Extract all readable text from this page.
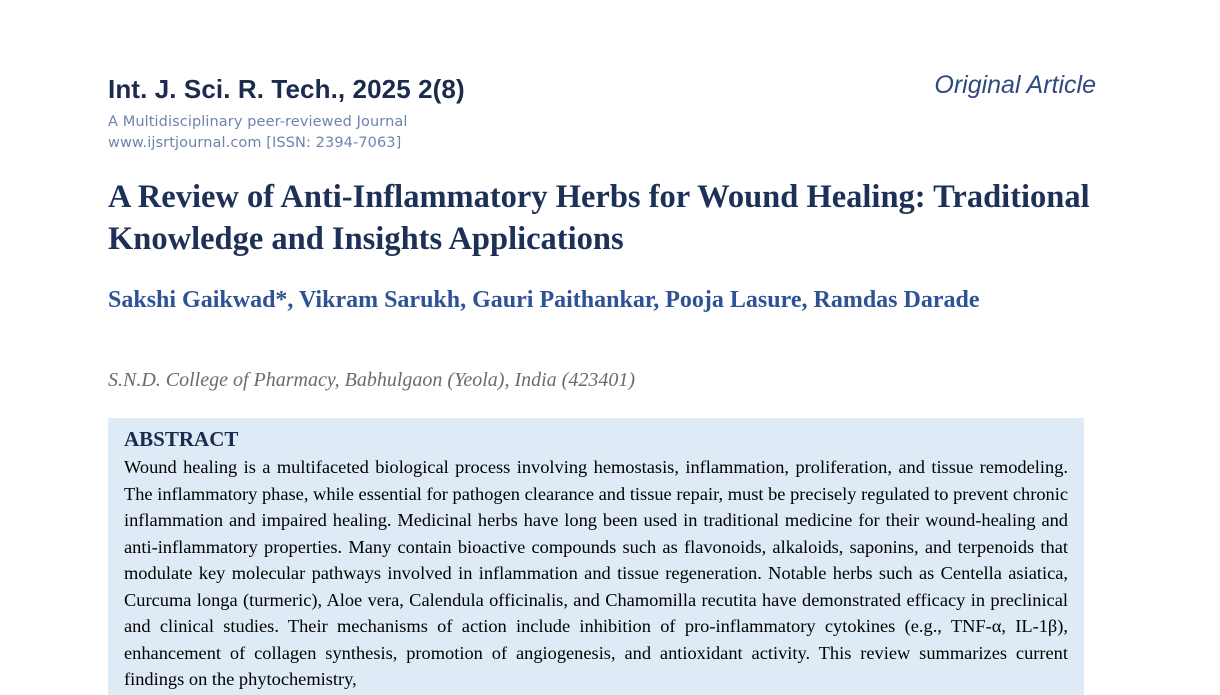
Int. J. Sci. R. Tech., 2025 2(8)

A Multidisciplinary peer-reviewed Journal

www.ijsrtjournal.com [ISSN: 2394-7063]

Original Article

A Review of Anti-Inflammatory Herbs for Wound Healing: Traditional Knowledge and Insights Applications

Sakshi Gaikwad*, Vikram Sarukh, Gauri Paithankar, Pooja Lasure, Ramdas Darade

S.N.D. College of Pharmacy, Babhulgaon (Yeola), India (423401)

ABSTRACT

Wound healing is a multifaceted biological process involving hemostasis, inflammation, proliferation, and tissue remodeling. The inflammatory phase, while essential for pathogen clearance and tissue repair, must be precisely regulated to prevent chronic inflammation and impaired healing. Medicinal herbs have long been used in traditional medicine for their wound-healing and anti-inflammatory properties. Many contain bioactive compounds such as flavonoids, alkaloids, saponins, and terpenoids that modulate key molecular pathways involved in inflammation and tissue regeneration. Notable herbs such as Centella asiatica, Curcuma longa (turmeric), Aloe vera, Calendula officinalis, and Chamomilla recutita have demonstrated efficacy in preclinical and clinical studies. Their mechanisms of action include inhibition of pro-inflammatory cytokines (e.g., TNF-α, IL-1β), enhancement of collagen synthesis, promotion of angiogenesis, and antioxidant activity. This review summarizes current findings on the phytochemistry,
